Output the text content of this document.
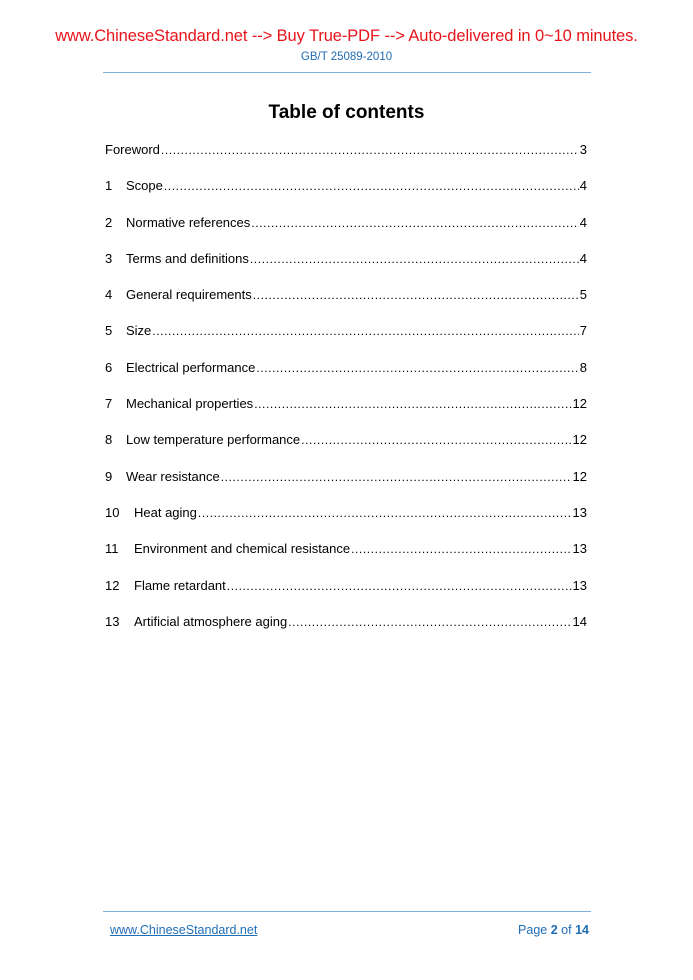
www.ChineseStandard.net --> Buy True-PDF --> Auto-delivered in 0~10 minutes.
GB/T 25089-2010
Table of contents
Foreword .....	3
1	Scope .....	4
2	Normative references .....	4
3	Terms and definitions .....	4
4	General requirements .....	5
5	Size .....	7
6	Electrical performance .....	8
7	Mechanical properties .....	12
8	Low temperature performance .....	12
9	Wear resistance .....	12
10	Heat aging .....	13
11	Environment and chemical resistance .....	13
12	Flame retardant .....	13
13	Artificial atmosphere aging .....	14
www.ChineseStandard.net	Page 2 of 14
